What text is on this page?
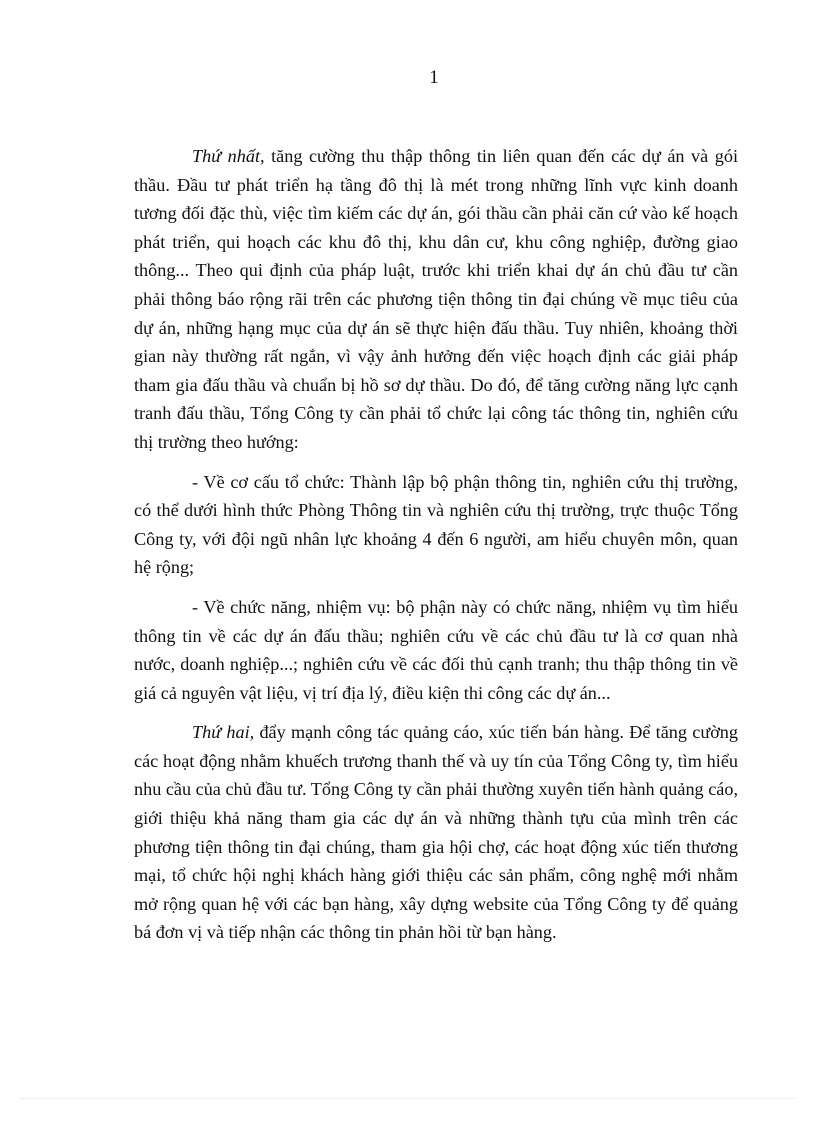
1

Thứ nhất, tăng cường thu thập thông tin liên quan đến các dự án và gói thầu. Đầu tư phát triển hạ tầng đô thị là mét trong những lĩnh vực kinh doanh tương đối đặc thù, việc tìm kiếm các dự án, gói thầu cần phải căn cứ vào kế hoạch phát triển, qui hoạch các khu đô thị, khu dân cư, khu công nghiệp, đường giao thông... Theo qui định của pháp luật, trước khi triển khai dự án chủ đầu tư cần phải thông báo rộng rãi trên các phương tiện thông tin đại chúng về mục tiêu của dự án, những hạng mục của dự án sẽ thực hiện đấu thầu. Tuy nhiên, khoảng thời gian này thường rất ngắn, vì vậy ảnh hưởng đến việc hoạch định các giải pháp tham gia đấu thầu và chuẩn bị hồ sơ dự thầu. Do đó, để tăng cường năng lực cạnh tranh đấu thầu, Tổng Công ty cần phải tổ chức lại công tác thông tin, nghiên cứu thị trường theo hướng:

- Về cơ cấu tổ chức: Thành lập bộ phận thông tin, nghiên cứu thị trường, có thể dưới hình thức Phòng Thông tin và nghiên cứu thị trường, trực thuộc Tổng Công ty, với đội ngũ nhân lực khoảng 4 đến 6 người, am hiểu chuyên môn, quan hệ rộng;

- Về chức năng, nhiệm vụ: bộ phận này có chức năng, nhiệm vụ tìm hiểu thông tin về các dự án đấu thầu; nghiên cứu về các chủ đầu tư là cơ quan nhà nước, doanh nghiệp...; nghiên cứu về các đối thủ cạnh tranh; thu thập thông tin về giá cả nguyên vật liệu, vị trí địa lý, điều kiện thi công các dự án...

Thứ hai, đẩy mạnh công tác quảng cáo, xúc tiến bán hàng. Để tăng cường các hoạt động nhằm khuếch trương thanh thế và uy tín của Tổng Công ty, tìm hiểu nhu cầu của chủ đầu tư. Tổng Công ty cần phải thường xuyên tiến hành quảng cáo, giới thiệu khả năng tham gia các dự án và những thành tựu của mình trên các phương tiện thông tin đại chúng, tham gia hội chợ, các hoạt động xúc tiến thương mại, tổ chức hội nghị khách hàng giới thiệu các sản phẩm, công nghệ mới nhằm mở rộng quan hệ với các bạn hàng, xây dựng website của Tổng Công ty để quảng bá đơn vị và tiếp nhận các thông tin phản hồi từ bạn hàng.
